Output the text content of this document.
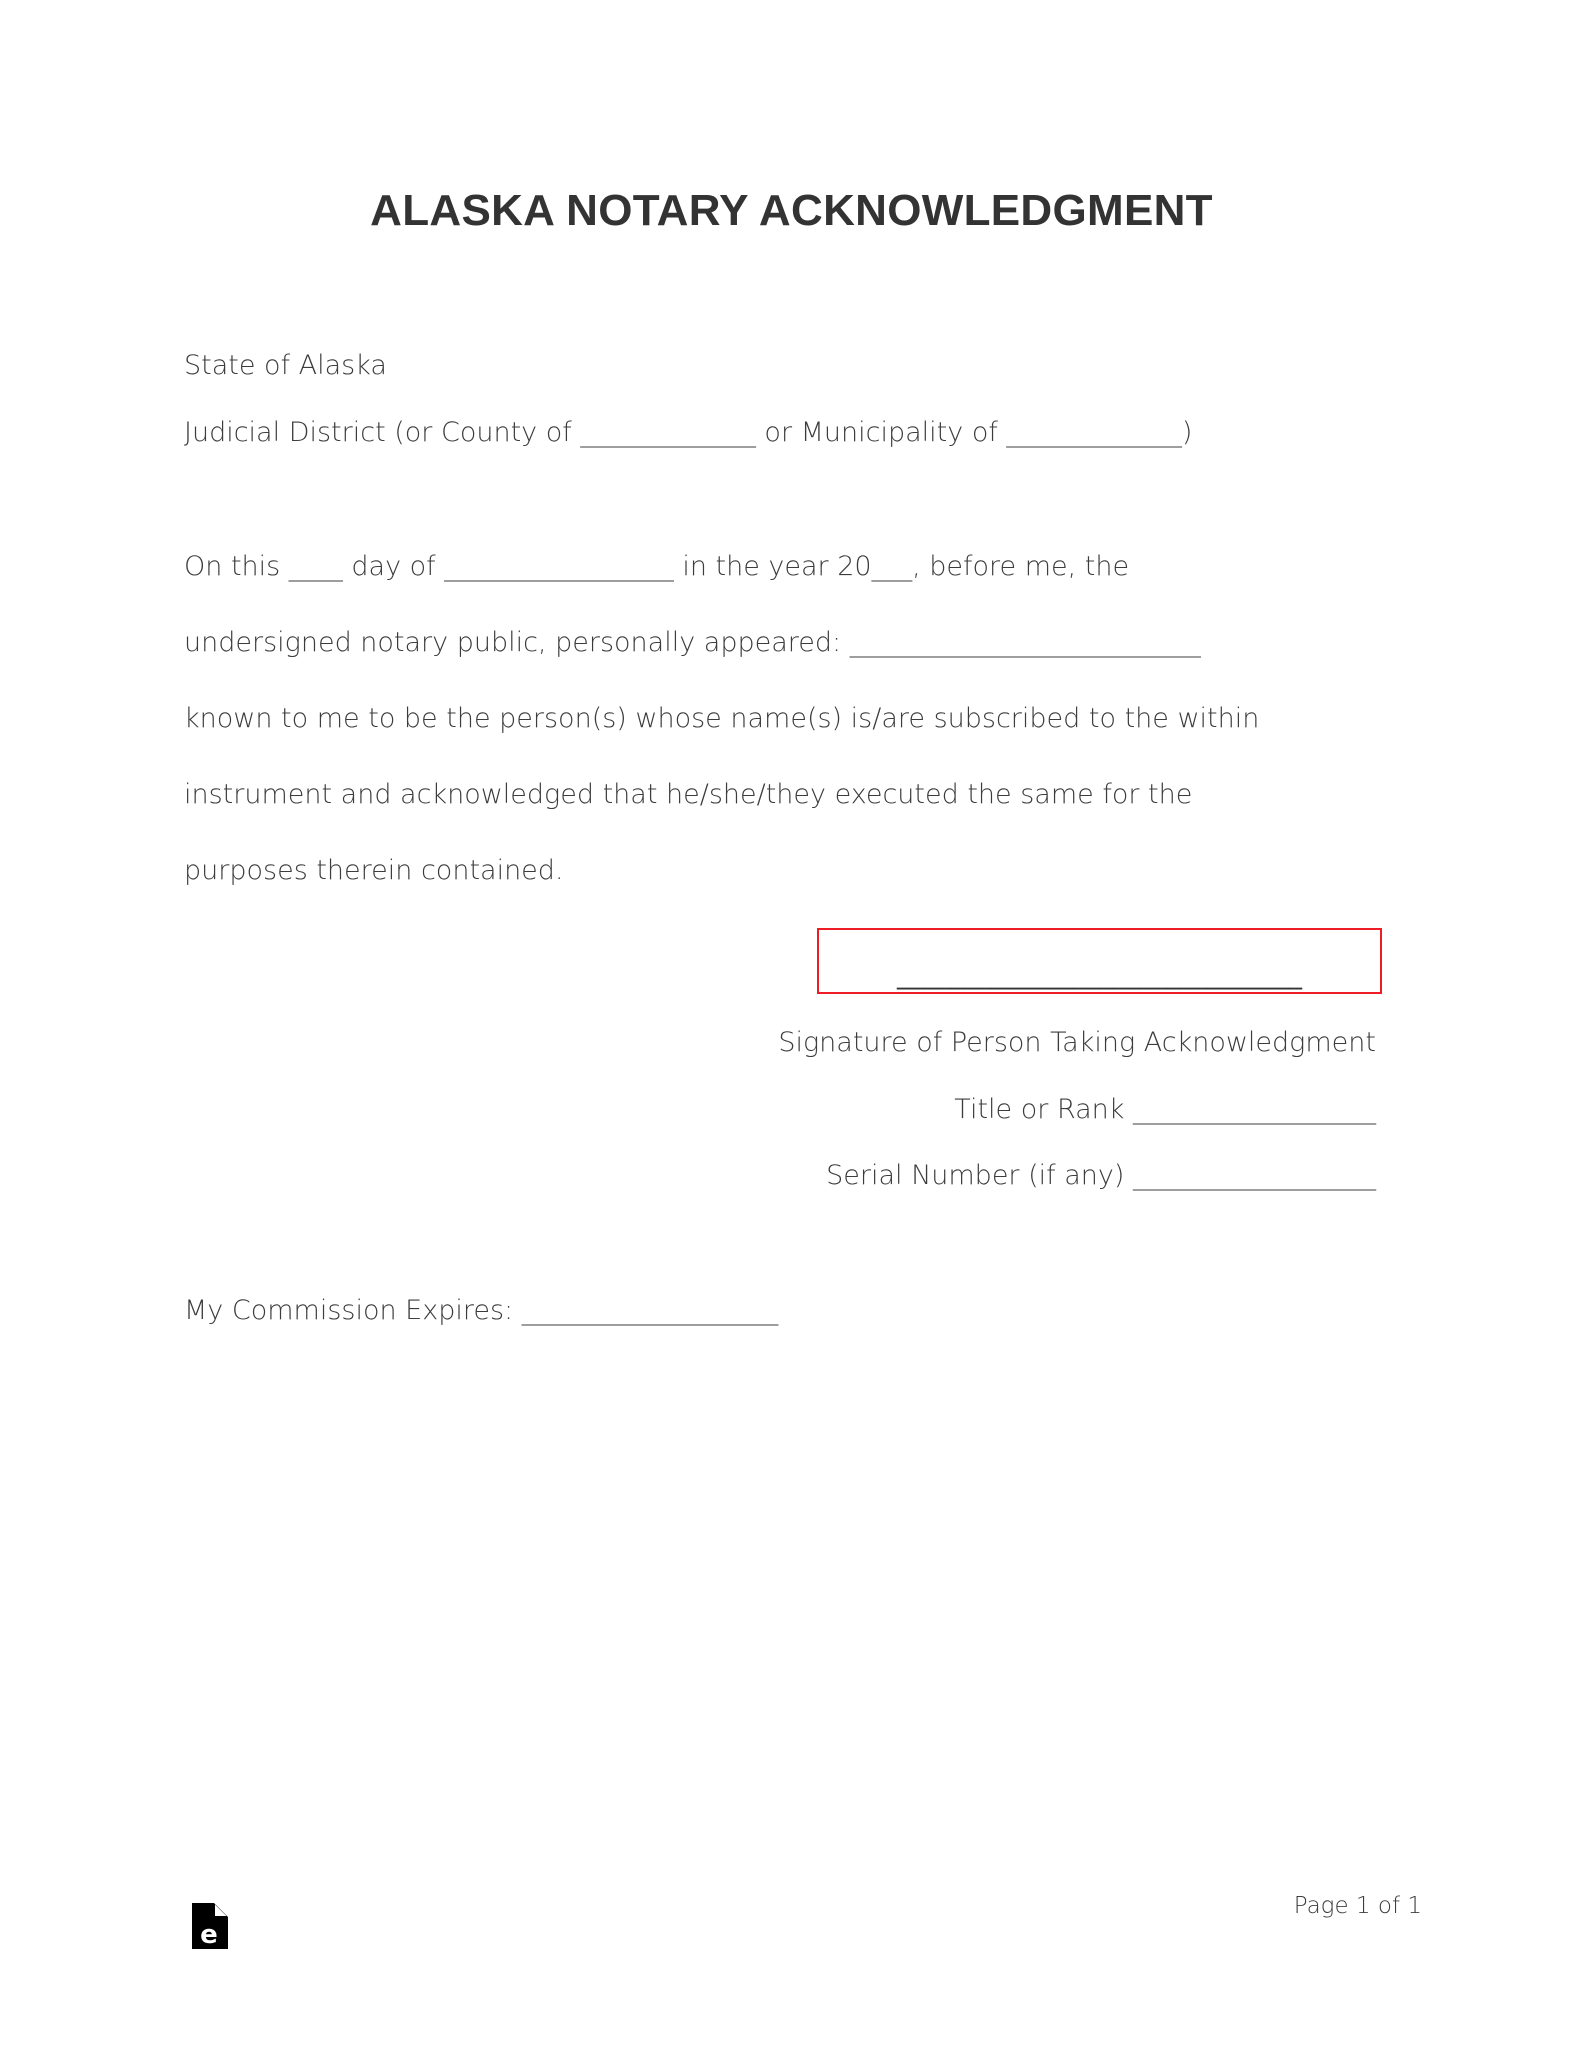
ALASKA NOTARY ACKNOWLEDGMENT
State of Alaska
Judicial District (or County of _____________ or Municipality of _____________)
On this ____ day of _________________ in the year 20___, before me, the
undersigned notary public, personally appeared: __________________________
known to me to be the person(s) whose name(s) is/are subscribed to the within
instrument and acknowledged that he/she/they executed the same for the
purposes therein contained.
______________________________
Signature of Person Taking Acknowledgment
Title or Rank __________________
Serial Number (if any) __________________
My Commission Expires: ___________________
e
Page 1 of 1
